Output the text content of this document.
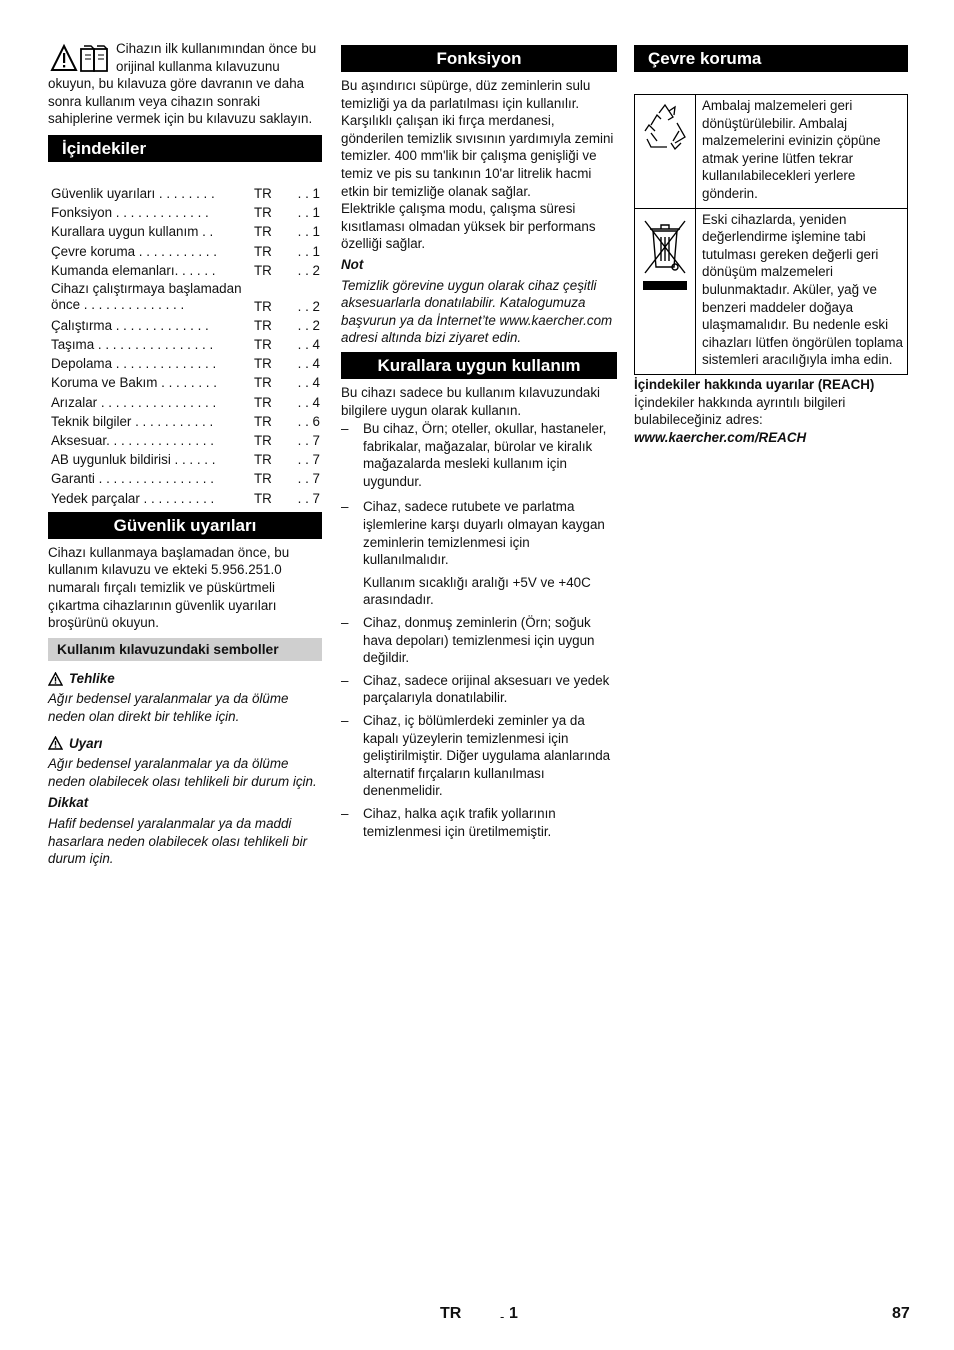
Cihazın ilk kullanımından önce bu orijinal kullanma kılavuzunu

okuyun, bu kılavuza göre davranın ve daha sonra kullanım veya cihazın sonraki sahiplerine vermek için bu kılavuzu saklayın.

İçindekiler
Güvenlik uyarıları . . . . . . . .	TR	. . 1
Fonksiyon . . . . . . . . . . . . .	TR	. . 1
Kurallara uygun kullanım . .	TR	. . 1
Çevre koruma . . . . . . . . . . .	TR	. . 1
Kumanda elemanları. . . . . .	TR	. . 2
Cihazı çalıştırmaya başlamadan önce . . . . . . . . . . . . . .	TR	. . 2
Çalıştırma . . . . . . . . . . . . .	TR	. . 2
Taşıma . . . . . . . . . . . . . . . .	TR	. . 4
Depolama . . . . . . . . . . . . . .	TR	. . 4
Koruma ve Bakım . . . . . . . .	TR	. . 4
Arızalar . . . . . . . . . . . . . . . .	TR	. . 4
Teknik bilgiler . . . . . . . . . . .	TR	. . 6
Aksesuar. . . . . . . . . . . . . . .	TR	. . 7
AB uygunluk bildirisi . . . . . .	TR	. . 7
Garanti . . . . . . . . . . . . . . . .	TR	. . 7
Yedek parçalar . . . . . . . . . .	TR	. . 7
Güvenlik uyarıları

Cihazı kullanmaya başlamadan önce, bu kullanım kılavuzu ve ekteki 5.956.251.0 numaralı fırçalı temizlik ve püskürtmeli çıkartma cihazlarının güvenlik uyarıları broşürünü okuyun.

Kullanım kılavuzundaki semboller
Tehlike

Ağır bedensel yaralanmalar ya da ölüme neden olan direkt bir tehlike için.

Uyarı

Ağır bedensel yaralanmalar ya da ölüme neden olabilecek olası tehlikeli bir durum için.

Dikkat

Hafif bedensel yaralanmalar ya da maddi hasarlara neden olabilecek olası tehlikeli bir durum için.

Fonksiyon

Bu aşındırıcı süpürge, düz zeminlerin sulu temizliği ya da parlatılması için kullanılır. Karşılıklı çalışan iki fırça merdanesi, gönderilen temizlik sıvısının yardımıyla zemini temizler. 400 mm'lik bir çalışma genişliği ve temiz ve pis su tankının 10'ar litrelik hacmi etkin bir temizliğe olanak sağlar.

Elektrikle çalışma modu, çalışma süresi kısıtlaması olmadan yüksek bir performans özelliği sağlar.

Not

Temizlik görevine uygun olarak cihaz çeşitli aksesuarlarla donatılabilir. Katalogumuza başvurun ya da İnternet’te www.kaercher.com adresi altında bizi ziyaret edin.

Kurallara uygun kullanım

Bu cihazı sadece bu kullanım kılavuzundaki bilgilere uygun olarak kullanın.

– Bu cihaz, Örn; oteller, okullar, hastaneler, fabrikalar, mağazalar, bürolar ve kiralık mağazalarda mesleki kullanım için uygundur.
– Cihaz, sadece rutubete ve parlatma işlemlerine karşı duyarlı olmayan kaygan zeminlerin temizlenmesi için kullanılmalıdır.

Kullanım sıcaklığı aralığı +5V ve +40C arasındadır.

– Cihaz, donmuş zeminlerin (Örn; soğuk hava depoları) temizlenmesi için uygun değildir.
– Cihaz, sadece orijinal aksesuarı ve yedek parçalarıyla donatılabilir.
– Cihaz, iç bölümlerdeki zeminler ya da kapalı yüzeylerin temizlenmesi için geliştirilmiştir. Diğer uygulama alanlarında alternatif fırçaların kullanılması denenmelidir.
– Cihaz, halka açık trafik yollarının temizlenmesi için üretilmemiştir.
Çevre koruma
	Ambalaj malzemeleri geri dönüştürülebilir. Ambalaj malzemelerini evinizin çöpüne atmak yerine lütfen tekrar kullanılabilecekleri yerlere gönderin.
	Eski cihazlarda, yeniden değerlendirme işlemine tabi tutulması gereken değerli geri dönüşüm malzemeleri bulunmaktadır. Aküler, yağ ve benzeri maddeler doğaya ulaşmamalıdır. Bu nedenle eski cihazları lütfen öngörülen toplama sistemleri aracılığıyla imha edin.

İçindekiler hakkında uyarılar (REACH)

İçindekiler hakkında ayrıntılı bilgileri bulabileceğiniz adres:

www.kaercher.com/REACH

TR	- 1	87
